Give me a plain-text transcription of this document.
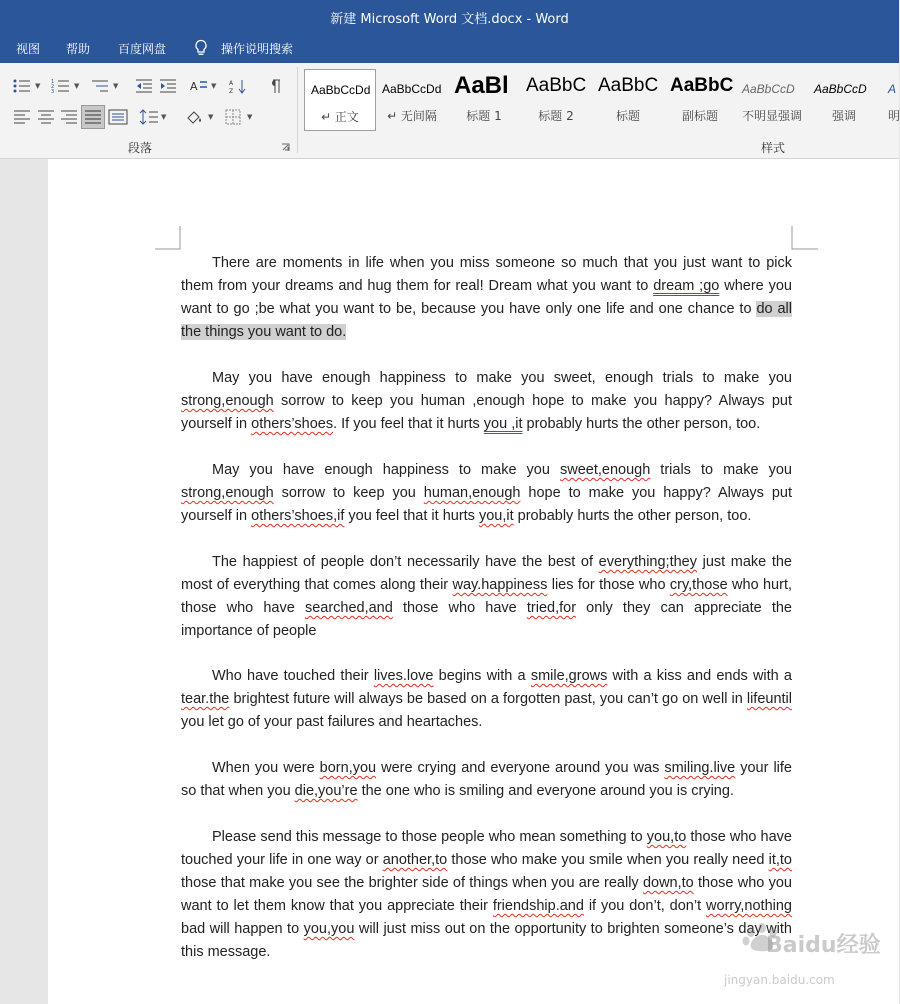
新建 Microsoft Word 文档.docx - Word
视图 帮助 百度网盘	操作说明搜索
▼ 1
2
3
▼	▼	A ▼ A
Z
▼	▼	▼
段落
AaBbCcDd
↵ 正文
AaBbCcDd
↵ 无间隔
AaBl
标题 1
AaBbC
标题 2
AaBbC
标题
AaBbC
副标题
AaBbCcD
不明显强调
AaBbCcD
强调
A
明
样式

There are moments in life when you miss someone so much that you just want to pick them from your dreams and hug them for real! Dream what you want to dream ;go where you want to go ;be what you want to be, because you have only one life and one chance to do all the things you want to do.

May you have enough happiness to make you sweet, enough trials to make you strong,enough sorrow to keep you human ,enough hope to make you happy? Always put yourself in others’shoes. If you feel that it hurts you ,it probably hurts the other person, too.

May you have enough happiness to make you sweet,enough trials to make you strong,enough sorrow to keep you human,enough hope to make you happy? Always put yourself in others’shoes,if you feel that it hurts you,it probably hurts the other person, too.

The happiest of people don’t necessarily have the best of everything;they just make the most of everything that comes along their way.happiness lies for those who cry,those who hurt, those who have searched,and those who have tried,for only they can appreciate the importance of people

Who have touched their lives.love begins with a smile,grows with a kiss and ends with a tear.the brightest future will always be based on a forgotten past, you can’t go on well in lifeuntil you let go of your past failures and heartaches.

When you were born,you were crying and everyone around you was smiling.live your life so that when you die,you’re the one who is smiling and everyone around you is crying.

Please send this message to those people who mean something to you,to those who have touched your life in one way or another,to those who make you smile when you really need it,to those that make you see the brighter side of things when you are really down,to those who you want to let them know that you appreciate their friendship.and if you don’t, don’t worry,nothing bad will happen to you,you will just miss out on the opportunity to brighten someone’s day with this message.	Baidu经验
jingyan.baidu.com
